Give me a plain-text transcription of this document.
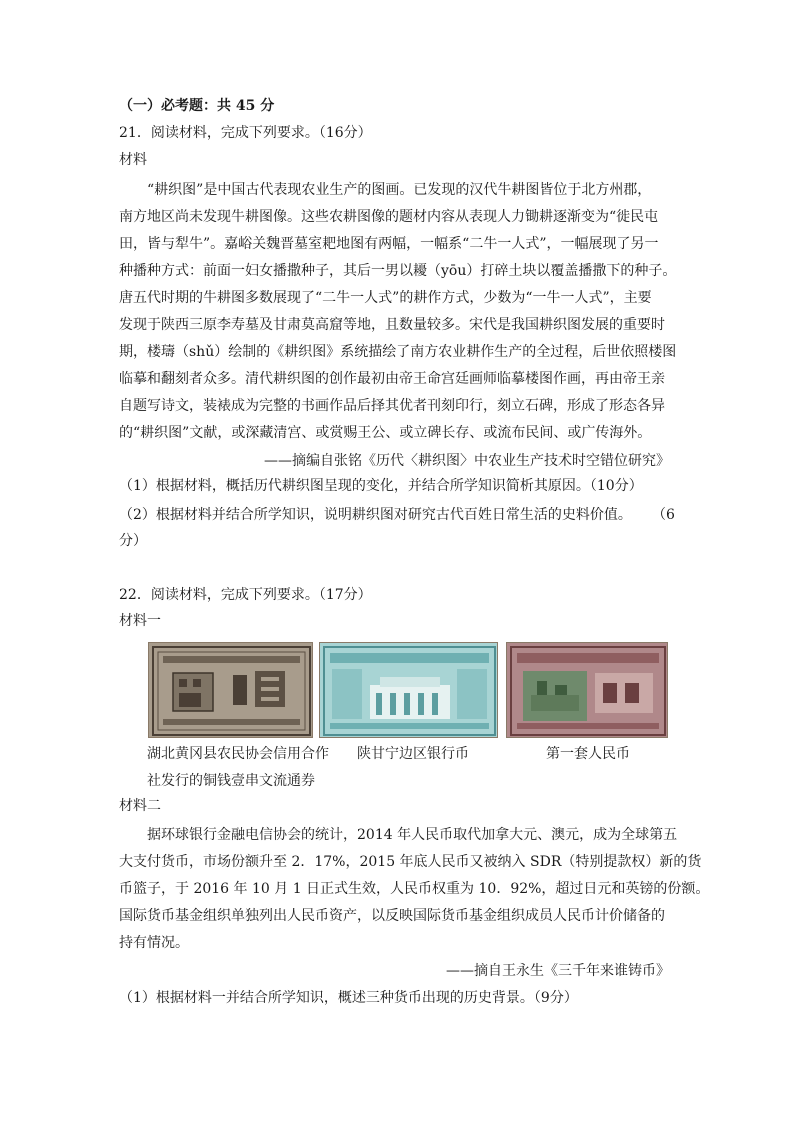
（一）必考题：共 45 分
21．阅读材料，完成下列要求。（16分）
材料
“耕织图”是中国古代表现农业生产的图画。已发现的汉代牛耕图皆位于北方州郡，
南方地区尚未发现牛耕图像。这些农耕图像的题材内容从表现人力锄耕逐渐变为“徙民屯
田，皆与犁牛”。嘉峪关魏晋墓室耙地图有两幅，一幅系“二牛一人式”，一幅展现了另一
种播种方式：前面一妇女播撒种子，其后一男以耰（yōu）打碎土块以覆盖播撒下的种子。
唐五代时期的牛耕图多数展现了“二牛一人式”的耕作方式，少数为“一牛一人式”，主要
发现于陕西三原李寿墓及甘肃莫高窟等地，且数量较多。宋代是我国耕织图发展的重要时
期，楼璹（shǔ）绘制的《耕织图》系统描绘了南方农业耕作生产的全过程，后世依照楼图
临摹和翻刻者众多。清代耕织图的创作最初由帝王命宫廷画师临摹楼图作画，再由帝王亲
自题写诗文，装裱成为完整的书画作品后择其优者刊刻印行，刻立石碑，形成了形态各异
的“耕织图”文献，或深藏清宫、或赏赐王公、或立碑长存、或流布民间、或广传海外。
——摘编自张铭《历代〈耕织图〉中农业生产技术时空错位研究》
（1）根据材料，概括历代耕织图呈现的变化，并结合所学知识简析其原因。（10分）
（2）根据材料并结合所学知识，说明耕织图对研究古代百姓日常生活的史料价值。 （6
分）
22．阅读材料，完成下列要求。（17分）
材料一
湖北黄冈县农民协会信用合作
社发行的铜钱壹串文流通券
陕甘宁边区银行币	第一套人民币
材料二
据环球银行金融电信协会的统计，2014 年人民币取代加拿大元、澳元，成为全球第五
大支付货币，市场份额升至 2．17%，2015 年底人民币又被纳入 SDR（特别提款权）新的货
币篮子，于 2016 年 10 月 1 日正式生效，人民币权重为 10．92%，超过日元和英镑的份额。
国际货币基金组织单独列出人民币资产，以反映国际货币基金组织成员人民币计价储备的
持有情况。
——摘自王永生《三千年来谁铸币》
（1）根据材料一并结合所学知识，概述三种货币出现的历史背景。（9分）
